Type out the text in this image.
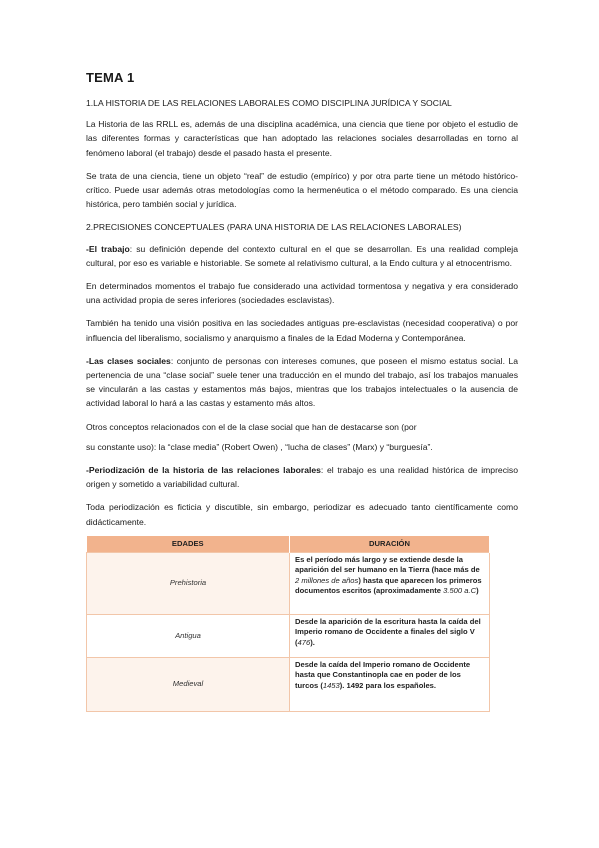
TEMA 1

1.LA HISTORIA DE LAS RELACIONES LABORALES COMO DISCIPLINA JURÍDICA Y SOCIAL

La Historia de las RRLL es, además de una disciplina académica, una ciencia que tiene por objeto el estudio de las diferentes formas y características que han adoptado las relaciones sociales desarrolladas en torno al fenómeno laboral (el trabajo) desde el pasado hasta el presente.

Se trata de una ciencia, tiene un objeto “real” de estudio (empírico) y por otra parte tiene un método histórico-crítico. Puede usar además otras metodologías como la hermenéutica o el método comparado. Es una ciencia histórica, pero también social y jurídica.

2.PRECISIONES CONCEPTUALES (PARA UNA HISTORIA DE LAS RELACIONES LABORALES)

-El trabajo: su definición depende del contexto cultural en el que se desarrollan. Es una realidad compleja cultural, por eso es variable e historiable. Se somete al relativismo cultural, a la Endo cultura y al etnocentrismo.

En determinados momentos el trabajo fue considerado una actividad tormentosa y negativa y era considerado una actividad propia de seres inferiores (sociedades esclavistas).

También ha tenido una visión positiva en las sociedades antiguas pre-esclavistas (necesidad cooperativa) o por influencia del liberalismo, socialismo y anarquismo a finales de la Edad Moderna y Contemporánea.

-Las clases sociales: conjunto de personas con intereses comunes, que poseen el mismo estatus social. La pertenencia de una “clase social” suele tener una traducción en el mundo del trabajo, así los trabajos manuales se vincularán a las castas y estamentos más bajos, mientras que los trabajos intelectuales o la ausencia de actividad laboral lo hará a las castas y estamento más altos.

Otros conceptos relacionados con el de la clase social que han de destacarse son (por

su constante uso): la “clase media” (Robert Owen) , “lucha de clases” (Marx) y “burguesía”.

-Periodización de la historia de las relaciones laborales: el trabajo es una realidad histórica de impreciso origen y sometido a variabilidad cultural.

Toda periodización es ficticia y discutible, sin embargo, periodizar es adecuado tanto científicamente como didácticamente.

EDADES	DURACIÓN
Prehistoria	Es el período más largo y se extiende desde la aparición del ser humano en la Tierra (hace más de 2 millones de años) hasta que aparecen los primeros documentos escritos (aproximadamente 3.500 a.C)
Antigua	Desde la aparición de la escritura hasta la caída del Imperio romano de Occidente a finales del siglo V (476).
Medieval	Desde la caída del Imperio romano de Occidente hasta que Constantinopla cae en poder de los turcos (1453). 1492 para los españoles.
